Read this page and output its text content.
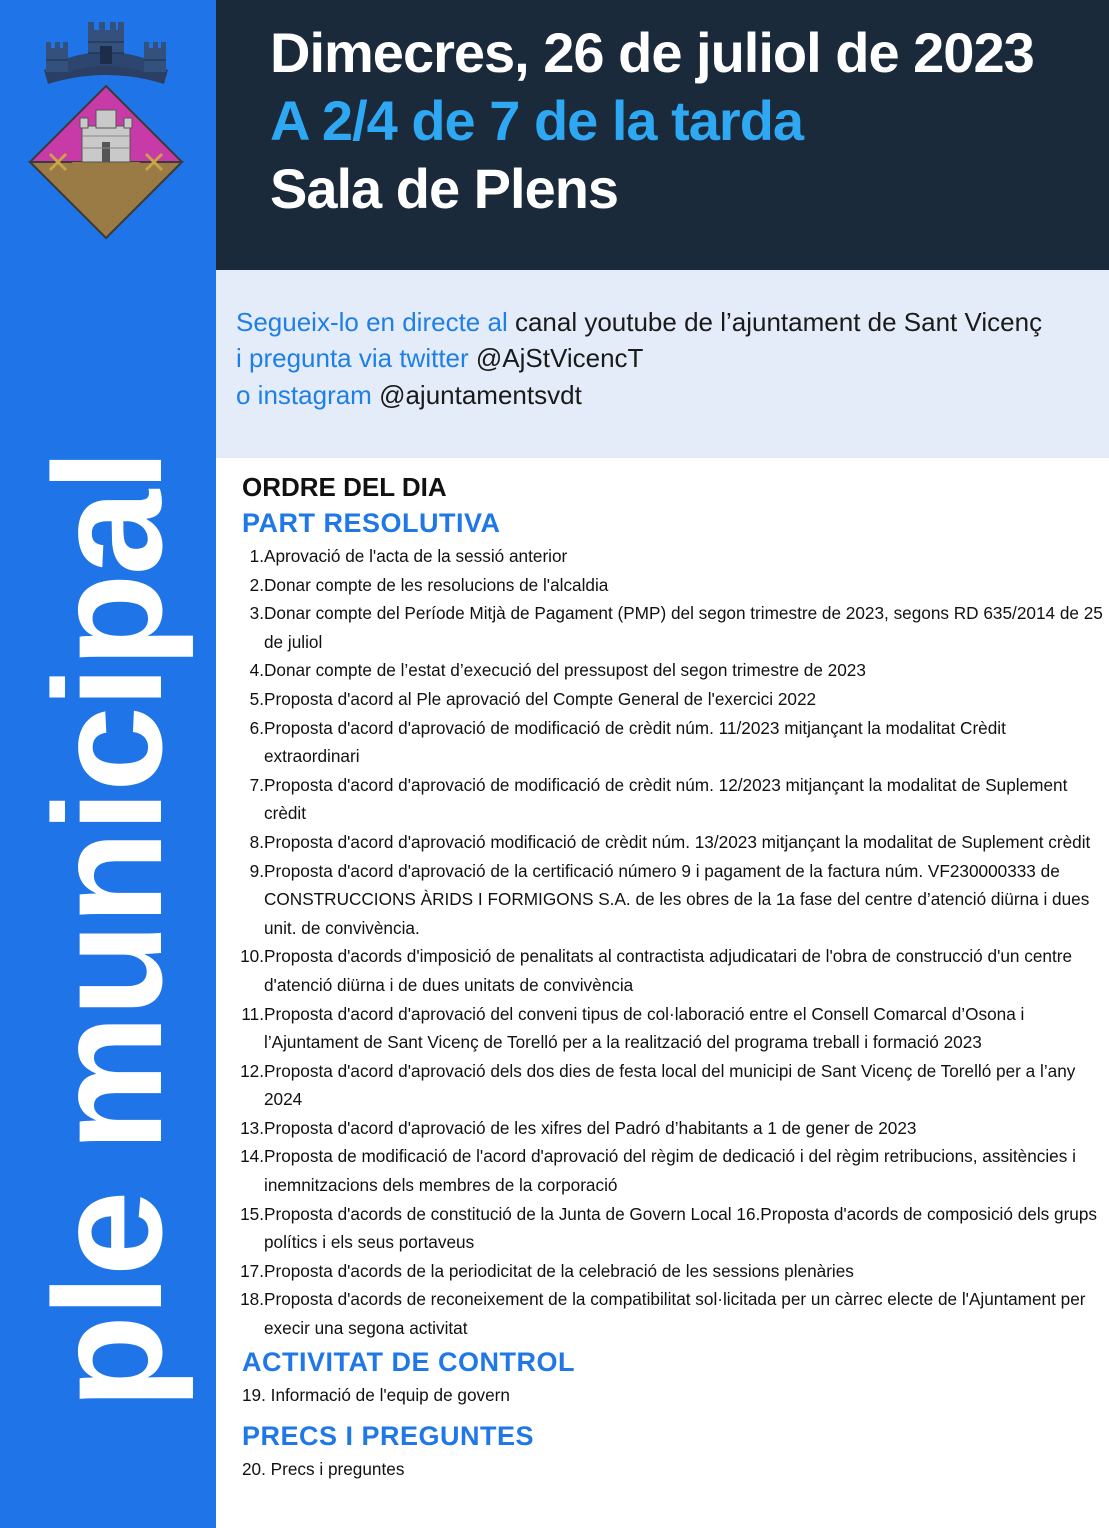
ple municipal
Dimecres, 26 de juliol de 2023
A 2/4 de 7 de la tarda
Sala de Plens
Segueix-lo en directe al canal youtube de l’ajuntament de Sant Vicenç
i pregunta via twitter @AjStVicencT
o instagram @ajuntamentsvdt
ORDRE DEL DIA
PART RESOLUTIVA
1. Aprovació de l'acta de la sessió anterior
2. Donar compte de les resolucions de l'alcaldia
3. Donar compte del Període Mitjà de Pagament (PMP) del segon trimestre de 2023, segons RD 635/2014 de 25 de juliol
4. Donar compte de l’estat d’execució del pressupost del segon trimestre de 2023
5. Proposta d'acord al Ple aprovació del Compte General de l'exercici 2022
6. Proposta d'acord d'aprovació de modificació de crèdit núm. 11/2023 mitjançant la modalitat Crèdit extraordinari
7. Proposta d'acord d'aprovació de modificació de crèdit núm. 12/2023 mitjançant la modalitat de Suplement crèdit
8. Proposta d'acord d'aprovació modificació de crèdit núm. 13/2023 mitjançant la modalitat de Suplement crèdit
9. Proposta d'acord d'aprovació de la certificació número 9 i pagament de la factura núm. VF230000333 de CONSTRUCCIONS ÀRIDS I FORMIGONS S.A. de les obres de la 1a fase del centre d’atenció diürna i dues unit. de convivència.
10. Proposta d'acords d'imposició de penalitats al contractista adjudicatari de l'obra de construcció d'un centre d'atenció diürna i de dues unitats de convivència
11. Proposta d'acord d'aprovació del conveni tipus de col·laboració entre el Consell Comarcal d’Osona i l’Ajuntament de Sant Vicenç de Torelló per a la realització del programa treball i formació 2023
12. Proposta d'acord d'aprovació dels dos dies de festa local del municipi de Sant Vicenç de Torelló per a l’any 2024
13. Proposta d'acord d'aprovació de les xifres del Padró d’habitants a 1 de gener de 2023
14. Proposta de modificació de l'acord d'aprovació del règim de dedicació i del règim retribucions, assitències i inemnitzacions dels membres de la corporació
15. Proposta d'acords de constitució de la Junta de Govern Local 16.Proposta d'acords de composició dels grups polítics i els seus portaveus
17. Proposta d'acords de la periodicitat de la celebració de les sessions plenàries
18. Proposta d'acords de reconeixement de la compatibilitat sol·licitada per un càrrec electe de l'Ajuntament per execir una segona activitat
ACTIVITAT DE CONTROL
19. Informació de l'equip de govern
PRECS I PREGUNTES
20. Precs i preguntes
